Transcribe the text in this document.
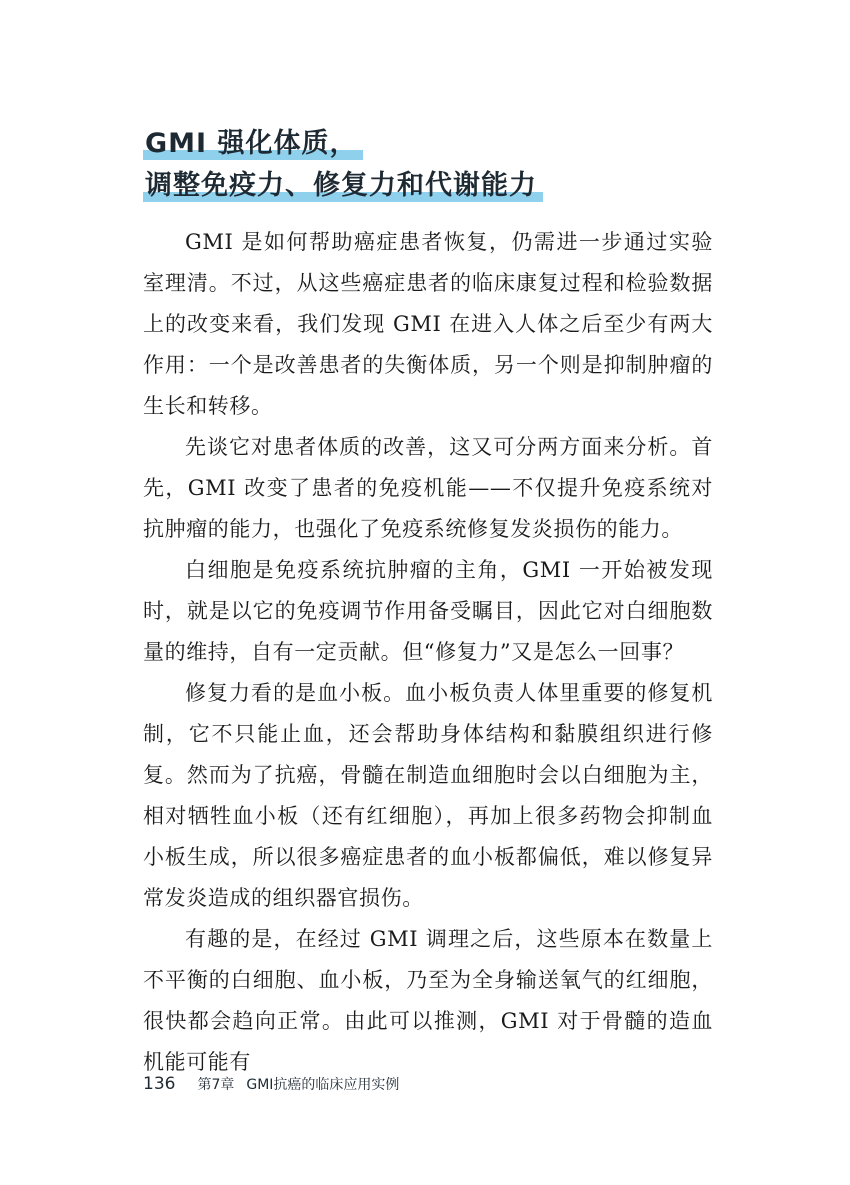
GMI 强化体质，
调整免疫力、修复力和代谢能力

GMI 是如何帮助癌症患者恢复，仍需进一步通过实验室理清。不过，从这些癌症患者的临床康复过程和检验数据上的改变来看，我们发现 GMI 在进入人体之后至少有两大作用：一个是改善患者的失衡体质，另一个则是抑制肿瘤的生长和转移。

先谈它对患者体质的改善，这又可分两方面来分析。首先，GMI 改变了患者的免疫机能——不仅提升免疫系统对抗肿瘤的能力，也强化了免疫系统修复发炎损伤的能力。

白细胞是免疫系统抗肿瘤的主角，GMI 一开始被发现时，就是以它的免疫调节作用备受瞩目，因此它对白细胞数量的维持，自有一定贡献。但“修复力”又是怎么一回事？

修复力看的是血小板。血小板负责人体里重要的修复机制，它不只能止血，还会帮助身体结构和黏膜组织进行修复。然而为了抗癌，骨髓在制造血细胞时会以白细胞为主，相对牺牲血小板（还有红细胞），再加上很多药物会抑制血小板生成，所以很多癌症患者的血小板都偏低，难以修复异常发炎造成的组织器官损伤。

有趣的是，在经过 GMI 调理之后，这些原本在数量上不平衡的白细胞、血小板，乃至为全身输送氧气的红细胞，很快都会趋向正常。由此可以推测，GMI 对于骨髓的造血机能可能有

136 第7章 GMI抗癌的临床应用实例
